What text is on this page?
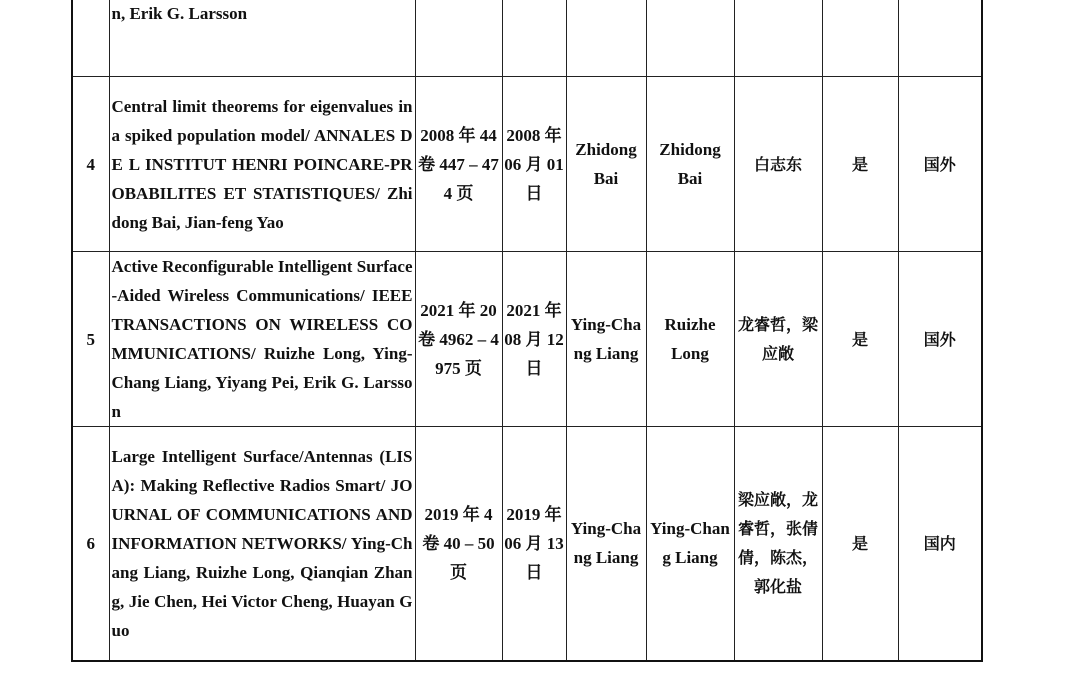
	n, Erik G. Larsson							
4	Central limit theorems for eigenvalues in a spiked population model/ ANNALES DE L INSTITUT HENRI POINCARE-PROBABILITES ET STATISTIQUES/ Zhidong Bai, Jian-feng Yao	2008 年 44 卷 447 – 474 页	2008 年 06 月 01 日	Zhidong Bai	Zhidong Bai	白志东	是	国外
5	Active Reconfigurable Intelligent Surface-Aided Wireless Communications/ IEEE TRANSACTIONS ON WIRELESS COMMUNICATIONS/ Ruizhe Long, Ying-Chang Liang, Yiyang Pei, Erik G. Larsson	2021 年 20 卷 4962 – 4975 页	2021 年 08 月 12 日	Ying-Chang Liang	Ruizhe Long	龙睿哲，梁应敞	是	国外
6	Large Intelligent Surface/Antennas (LISA): Making Reflective Radios Smart/ JOURNAL OF COMMUNICATIONS AND INFORMATION NETWORKS/ Ying-Chang Liang, Ruizhe Long, Qianqian Zhang, Jie Chen, Hei Victor Cheng, Huayan Guo	2019 年 4 卷 40 – 50 页	2019 年 06 月 13 日	Ying-Chang Liang	Ying-Chang Liang	梁应敞，龙睿哲，张倩倩，陈杰，郭化盐	是	国内
